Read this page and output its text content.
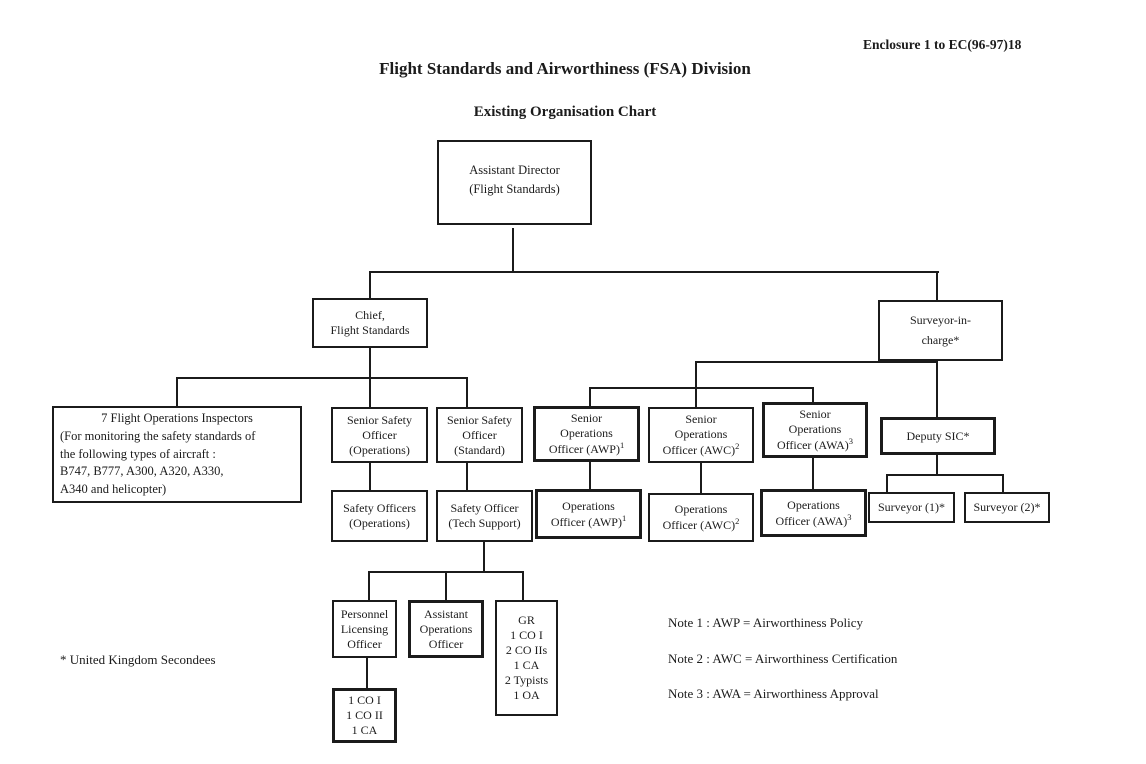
Enclosure 1 to EC(96-97)18
Flight Standards and Airworthiness (FSA) Division
Existing Organisation Chart
Assistant Director
(Flight Standards)
Chief,
Flight Standards
Surveyor-in-
charge*
7 Flight Operations Inspectors
(For monitoring the safety standards of
the following types of aircraft :
B747, B777, A300, A320, A330,
A340 and helicopter)
Senior Safety
Officer
(Operations)
Senior Safety
Officer
(Standard)
Senior
Operations
Officer (AWP)$^1$
Senior
Operations
Officer (AWC)$^2$
Senior
Operations
Officer (AWA)$^3$	Deputy SIC*
Safety Officers
(Operations)
Safety Officer
(Tech Support)
Operations
Officer (AWP)$^1$
Operations
Officer (AWC)$^2$
Operations
Officer (AWA)$^3$
Surveyor (1)* Surveyor (2)*
Personnel
Licensing
Officer
Assistant
Operations
Officer
GR
1 CO I
2 CO IIs
1 CA
2 Typists
1 OA
1 CO I
1 CO II
1 CA
* United Kingdom Secondees
Note 1 : AWP = Airworthiness Policy
Note 2 : AWC = Airworthiness Certification
Note 3 : AWA = Airworthiness Approval
